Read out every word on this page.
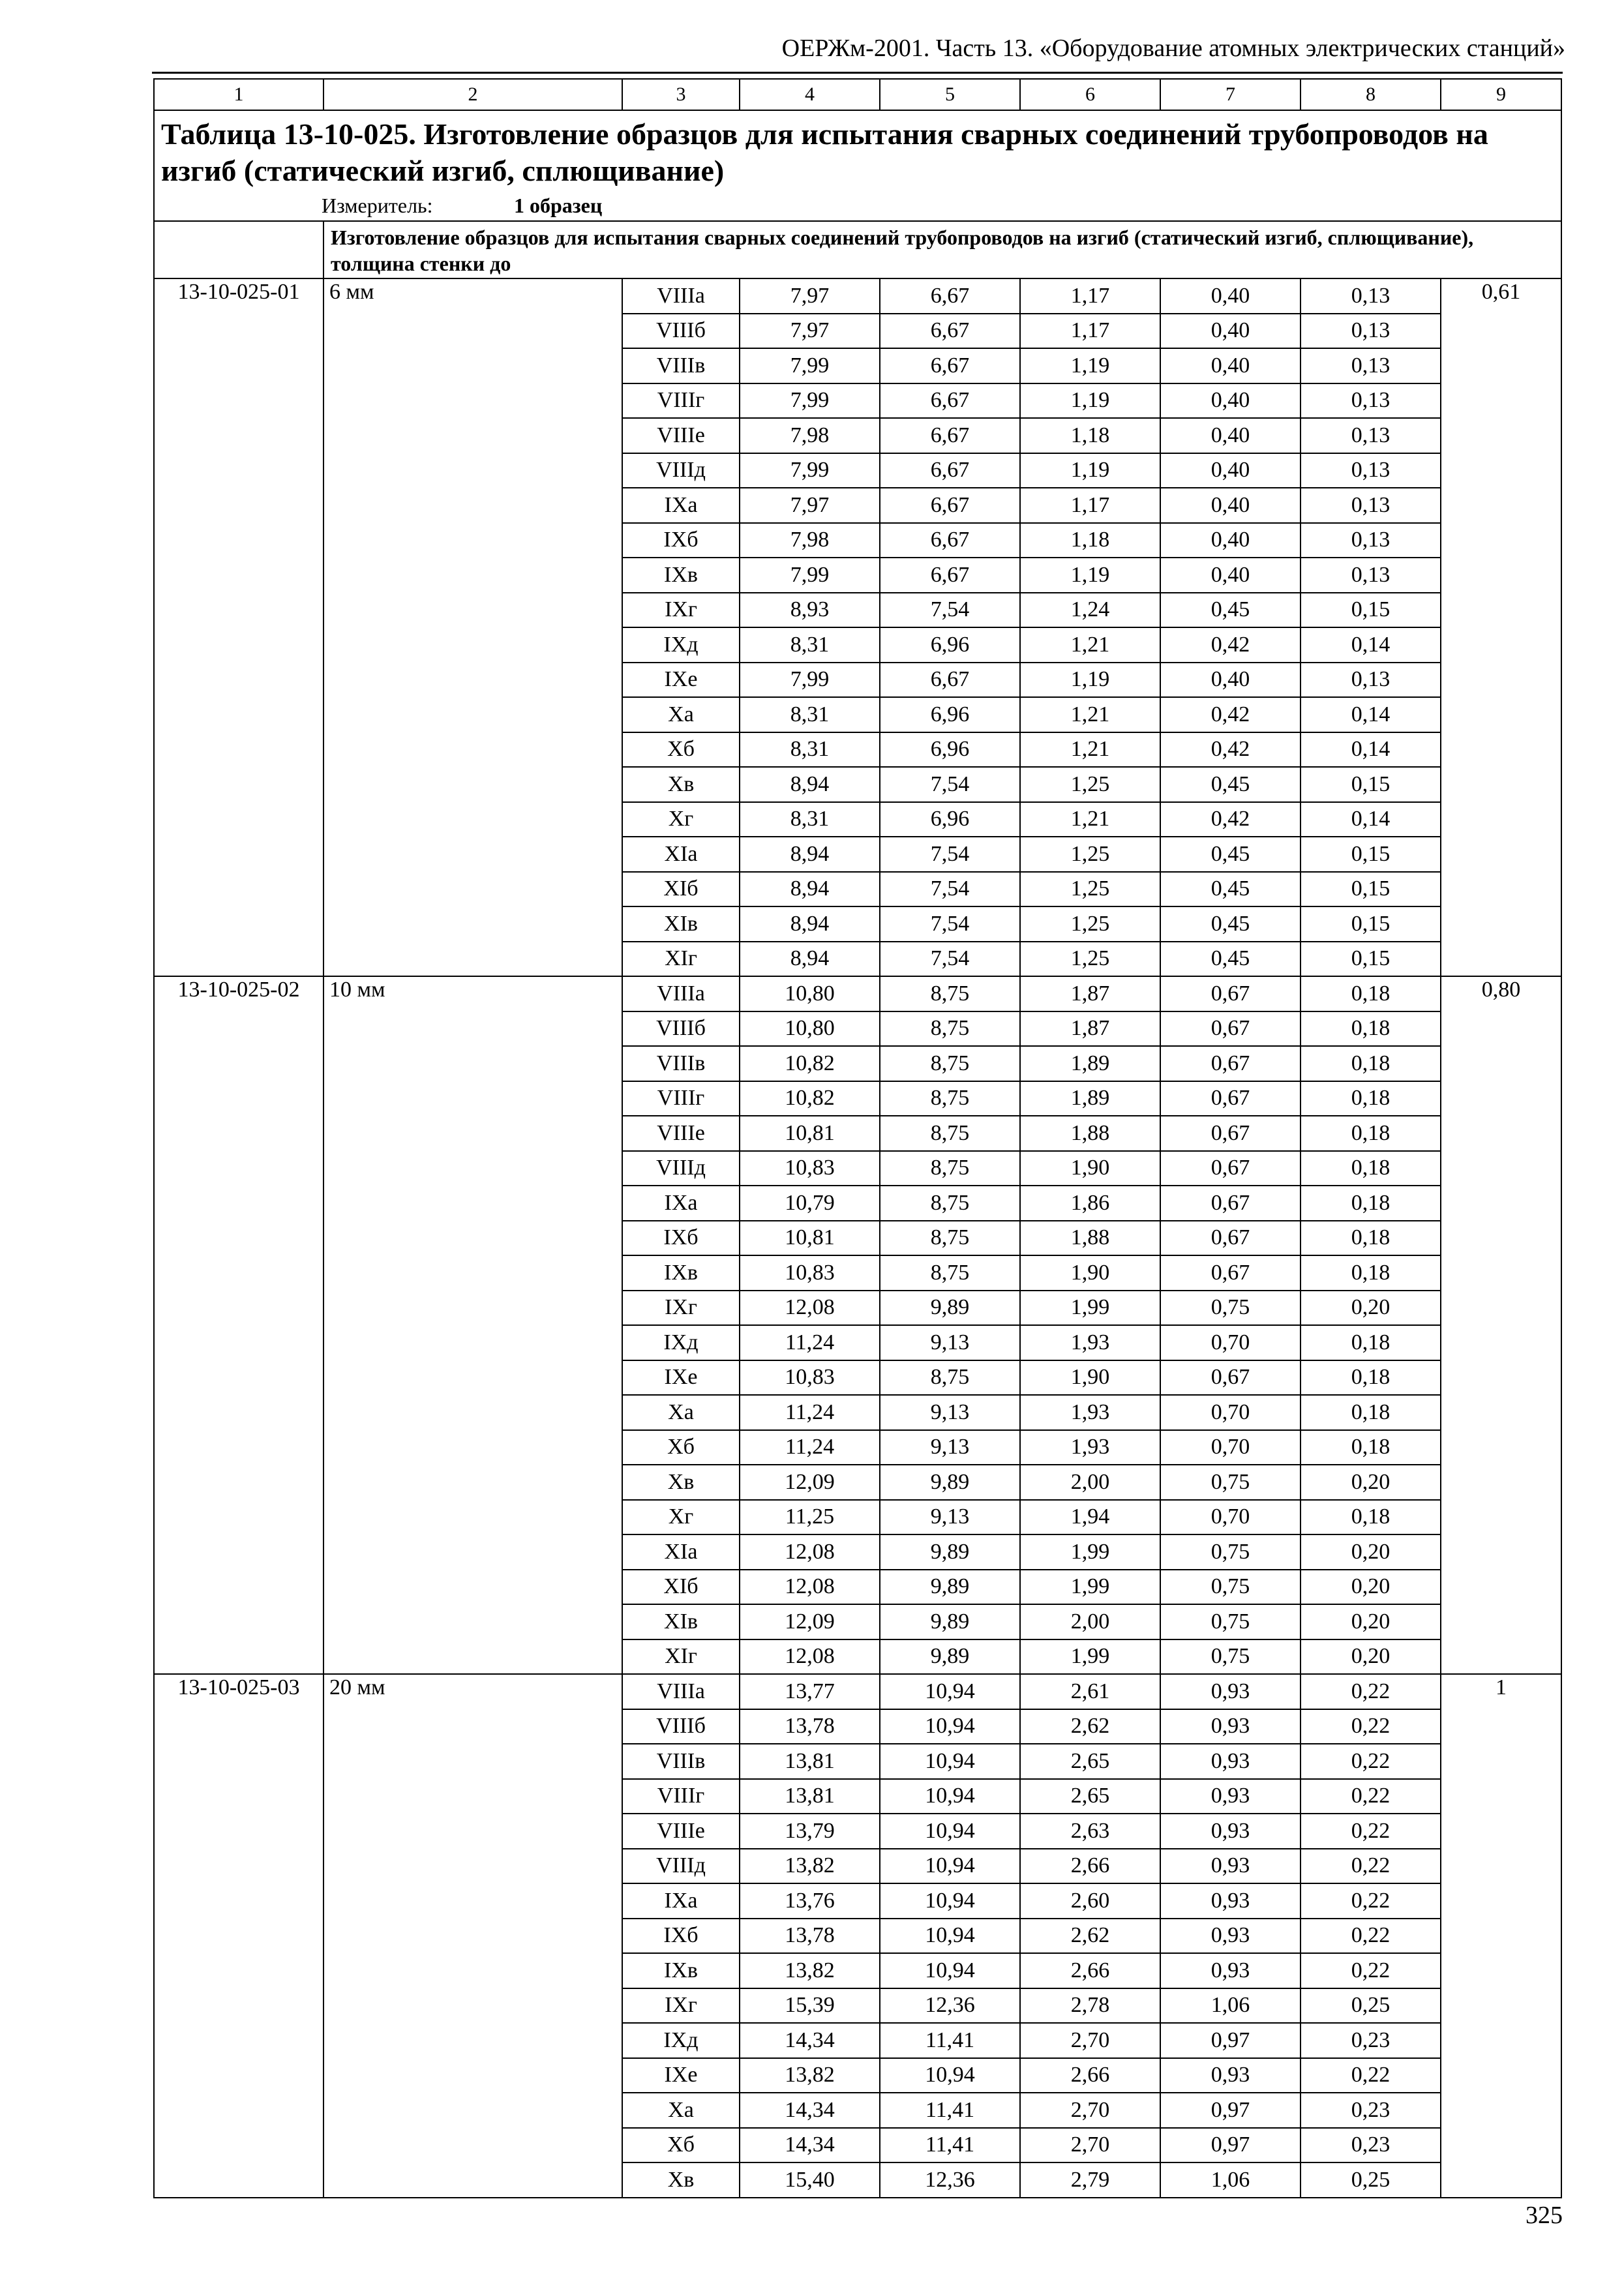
ОЕРЖм-2001. Часть 13. «Оборудование атомных электрических станций»
1	2	3	4	5	6	7	8	9

Таблица 13-10-025. Изготовление образцов для испытания сварных соединений трубопроводов на изгиб (статический изгиб, сплющивание)
Измеритель: 1 образец								

	Изготовление образцов для испытания сварных соединений трубопроводов на изгиб (статический изгиб, сплющивание), толщина стенки до							
13-10-025-01	6 мм	VIIIа	7,97	6,67	1,17	0,40	0,13	0,61
		VIIIб	7,97	6,67	1,17	0,40	0,13	
		VIIIв	7,99	6,67	1,19	0,40	0,13	
		VIIIг	7,99	6,67	1,19	0,40	0,13	
		VIIIе	7,98	6,67	1,18	0,40	0,13	
		VIIIд	7,99	6,67	1,19	0,40	0,13	
		IXа	7,97	6,67	1,17	0,40	0,13	
		IXб	7,98	6,67	1,18	0,40	0,13	
		IXв	7,99	6,67	1,19	0,40	0,13	
		IXг	8,93	7,54	1,24	0,45	0,15	
		IXд	8,31	6,96	1,21	0,42	0,14	
		IXе	7,99	6,67	1,19	0,40	0,13	
		Xа	8,31	6,96	1,21	0,42	0,14	
		Xб	8,31	6,96	1,21	0,42	0,14	
		Xв	8,94	7,54	1,25	0,45	0,15	
		Xг	8,31	6,96	1,21	0,42	0,14	
		XIа	8,94	7,54	1,25	0,45	0,15	
		XIб	8,94	7,54	1,25	0,45	0,15	
		XIв	8,94	7,54	1,25	0,45	0,15	
		XIг	8,94	7,54	1,25	0,45	0,15	
13-10-025-02	10 мм	VIIIа	10,80	8,75	1,87	0,67	0,18	0,80
		VIIIб	10,80	8,75	1,87	0,67	0,18	
		VIIIв	10,82	8,75	1,89	0,67	0,18	
		VIIIг	10,82	8,75	1,89	0,67	0,18	
		VIIIе	10,81	8,75	1,88	0,67	0,18	
		VIIIд	10,83	8,75	1,90	0,67	0,18	
		IXа	10,79	8,75	1,86	0,67	0,18	
		IXб	10,81	8,75	1,88	0,67	0,18	
		IXв	10,83	8,75	1,90	0,67	0,18	
		IXг	12,08	9,89	1,99	0,75	0,20	
		IXд	11,24	9,13	1,93	0,70	0,18	
		IXе	10,83	8,75	1,90	0,67	0,18	
		Xа	11,24	9,13	1,93	0,70	0,18	
		Xб	11,24	9,13	1,93	0,70	0,18	
		Xв	12,09	9,89	2,00	0,75	0,20	
		Xг	11,25	9,13	1,94	0,70	0,18	
		XIа	12,08	9,89	1,99	0,75	0,20	
		XIб	12,08	9,89	1,99	0,75	0,20	
		XIв	12,09	9,89	2,00	0,75	0,20	
		XIг	12,08	9,89	1,99	0,75	0,20	
13-10-025-03	20 мм	VIIIа	13,77	10,94	2,61	0,93	0,22	1
		VIIIб	13,78	10,94	2,62	0,93	0,22	
		VIIIв	13,81	10,94	2,65	0,93	0,22	
		VIIIг	13,81	10,94	2,65	0,93	0,22	
		VIIIе	13,79	10,94	2,63	0,93	0,22	
		VIIIд	13,82	10,94	2,66	0,93	0,22	
		IXа	13,76	10,94	2,60	0,93	0,22	
		IXб	13,78	10,94	2,62	0,93	0,22	
		IXв	13,82	10,94	2,66	0,93	0,22	
		IXг	15,39	12,36	2,78	1,06	0,25	
		IXд	14,34	11,41	2,70	0,97	0,23	
		IXе	13,82	10,94	2,66	0,93	0,22	
		Xа	14,34	11,41	2,70	0,97	0,23	
		Xб	14,34	11,41	2,70	0,97	0,23	
		Xв	15,40	12,36	2,79	1,06	0,25	
325
